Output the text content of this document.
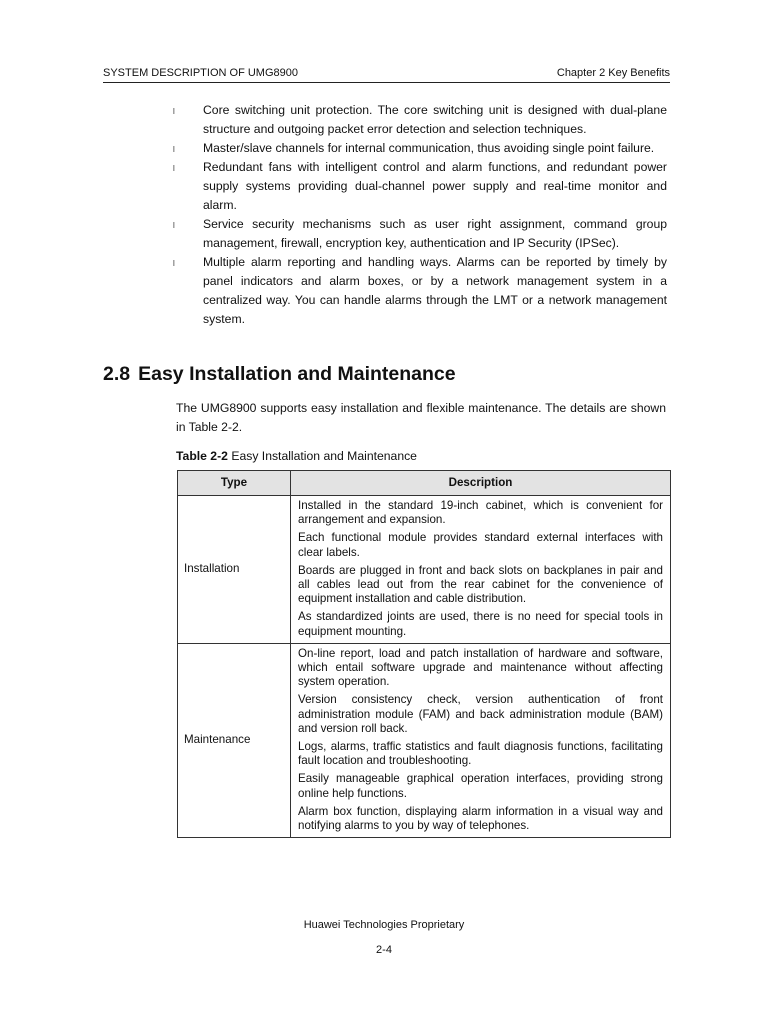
SYSTEM DESCRIPTION OF UMG8900	Chapter 2 Key Benefits
l Core switching unit protection. The core switching unit is designed with dual-plane structure and outgoing packet error detection and selection techniques.
l Master/slave channels for internal communication, thus avoiding single point failure.
l Redundant fans with intelligent control and alarm functions, and redundant power supply systems providing dual-channel power supply and real-time monitor and alarm.
l Service security mechanisms such as user right assignment, command group management, firewall, encryption key, authentication and IP Security (IPSec).
l Multiple alarm reporting and handling ways. Alarms can be reported by timely by panel indicators and alarm boxes, or by a network management system in a centralized way. You can handle alarms through the LMT or a network management system.
2.8 Easy Installation and Maintenance

The UMG8900 supports easy installation and flexible maintenance. The details are shown in Table 2-2.

Table 2-2 Easy Installation and Maintenance

Type	Description
Installation	Installed in the standard 19-inch cabinet, which is convenient for arrangement and expansion.

Each functional module provides standard external interfaces with clear labels.

Boards are plugged in front and back slots on backplanes in pair and all cables lead out from the rear cabinet for the convenience of equipment installation and cable distribution.

As standardized joints are used, there is no need for special tools in equipment mounting.

Maintenance	On-line report, load and patch installation of hardware and software, which entail software upgrade and maintenance without affecting system operation.

Version consistency check, version authentication of front administration module (FAM) and back administration module (BAM) and version roll back.

Logs, alarms, traffic statistics and fault diagnosis functions, facilitating fault location and troubleshooting.

Easily manageable graphical operation interfaces, providing strong online help functions.

Alarm box function, displaying alarm information in a visual way and notifying alarms to you by way of telephones.

Huawei Technologies Proprietary
2-4
